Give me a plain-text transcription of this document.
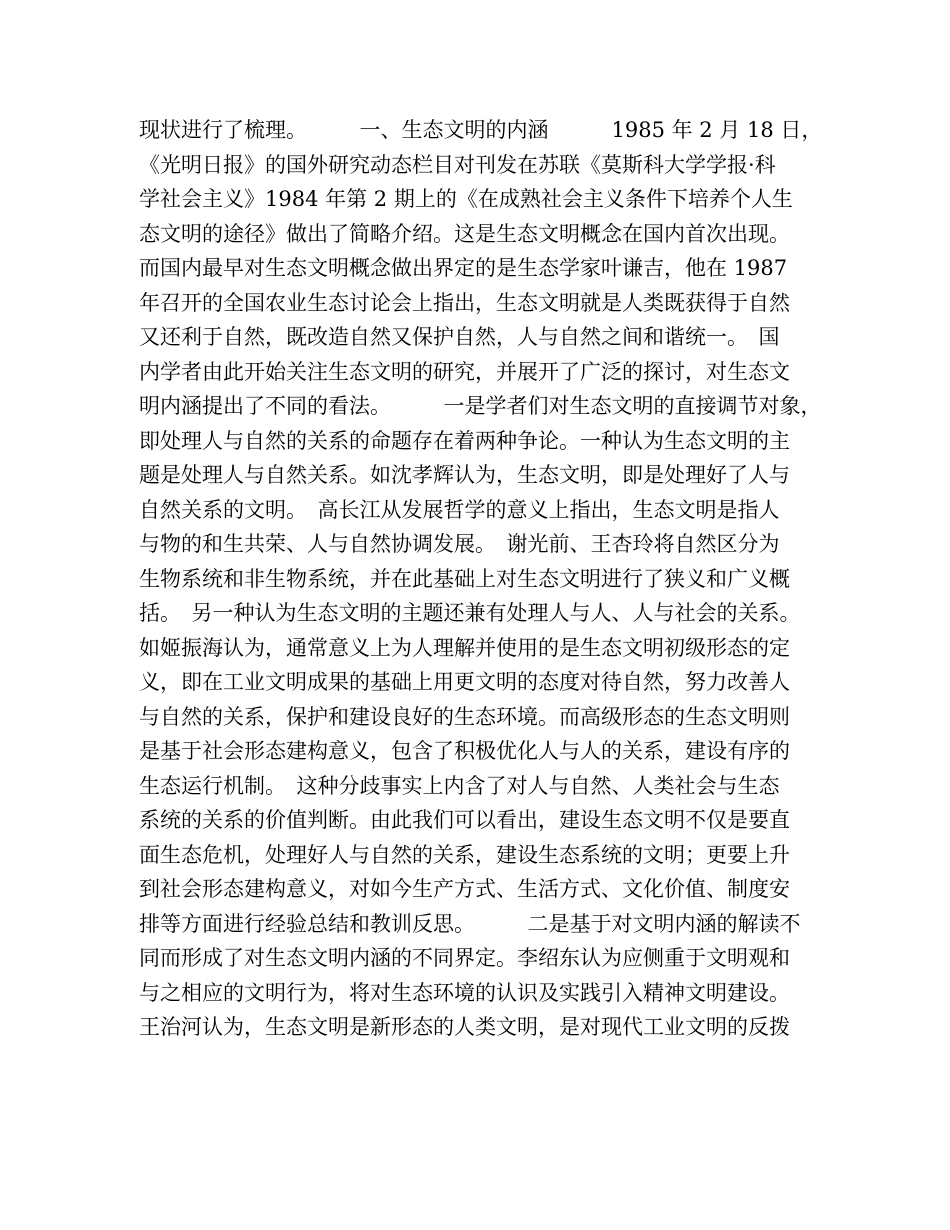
现状进行了梳理。　　　一、生态文明的内涵　　　1985 年 2 月 18 日，
《光明日报》的国外研究动态栏目对刊发在苏联《莫斯科大学学报·科
学社会主义》1984 年第 2 期上的《在成熟社会主义条件下培养个人生
态文明的途径》做出了简略介绍。这是生态文明概念在国内首次出现。
而国内最早对生态文明概念做出界定的是生态学家叶谦吉，他在 1987
年召开的全国农业生态讨论会上指出，生态文明就是人类既获得于自然
又还利于自然，既改造自然又保护自然，人与自然之间和谐统一。　国
内学者由此开始关注生态文明的研究，并展开了广泛的探讨，对生态文
明内涵提出了不同的看法。　　　一是学者们对生态文明的直接调节对象，
即处理人与自然的关系的命题存在着两种争论。一种认为生态文明的主
题是处理人与自然关系。如沈孝辉认为，生态文明，即是处理好了人与
自然关系的文明。　高长江从发展哲学的意义上指出，生态文明是指人
与物的和生共荣、人与自然协调发展。　谢光前、王杏玲将自然区分为
生物系统和非生物系统，并在此基础上对生态文明进行了狭义和广义概
括。　另一种认为生态文明的主题还兼有处理人与人、人与社会的关系。
如姬振海认为，通常意义上为人理解并使用的是生态文明初级形态的定
义，即在工业文明成果的基础上用更文明的态度对待自然，努力改善人
与自然的关系，保护和建设良好的生态环境。而高级形态的生态文明则
是基于社会形态建构意义，包含了积极优化人与人的关系，建设有序的
生态运行机制。　这种分歧事实上内含了对人与自然、人类社会与生态
系统的关系的价值判断。由此我们可以看出，建设生态文明不仅是要直
面生态危机，处理好人与自然的关系，建设生态系统的文明；更要上升
到社会形态建构意义，对如今生产方式、生活方式、文化价值、制度安
排等方面进行经验总结和教训反思。　　　二是基于对文明内涵的解读不
同而形成了对生态文明内涵的不同界定。李绍东认为应侧重于文明观和
与之相应的文明行为，将对生态环境的认识及实践引入精神文明建设。
王治河认为，生态文明是新形态的人类文明，是对现代工业文明的反拨
